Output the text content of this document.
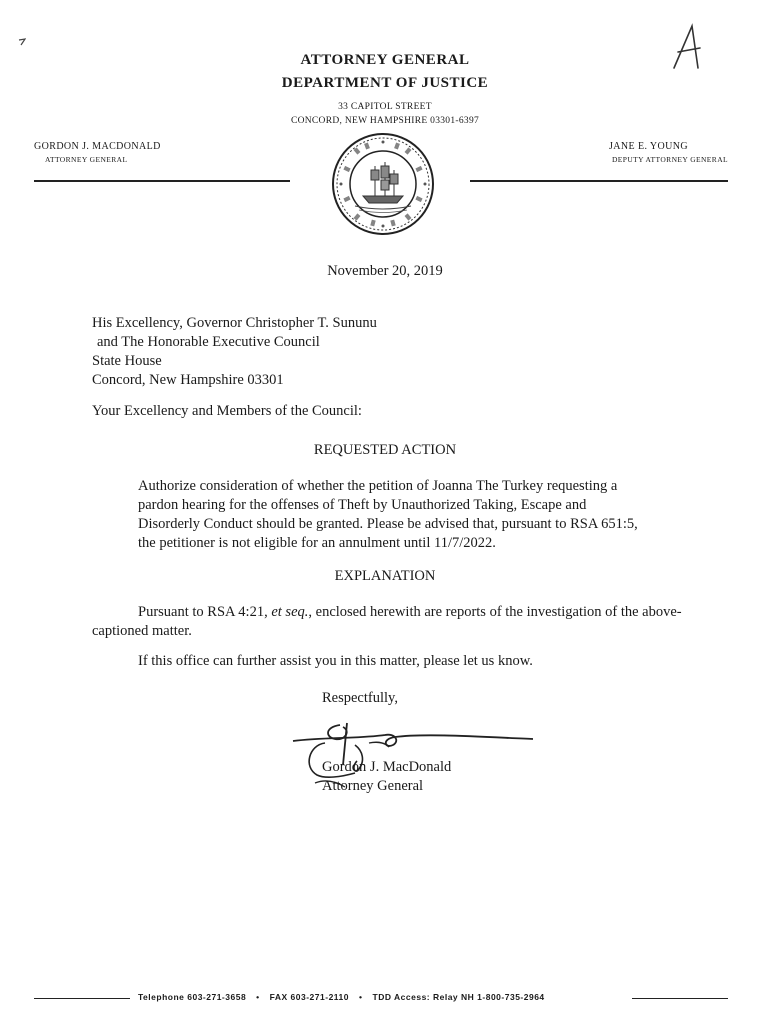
ATTORNEY GENERAL
DEPARTMENT OF JUSTICE
33 CAPITOL STREET
CONCORD, NEW HAMPSHIRE 03301-6397
GORDON J. MACDONALD
ATTORNEY GENERAL
JANE E. YOUNG
DEPUTY ATTORNEY GENERAL
November 20, 2019
His Excellency, Governor Christopher T. Sununu
and The Honorable Executive Council
State House
Concord, New Hampshire 03301
Your Excellency and Members of the Council:
REQUESTED ACTION
Authorize consideration of whether the petition of Joanna The Turkey requesting a pardon hearing for the offenses of Theft by Unauthorized Taking, Escape and Disorderly Conduct should be granted. Please be advised that, pursuant to RSA 651:5, the petitioner is not eligible for an annulment until 11/7/2022.
EXPLANATION
Pursuant to RSA 4:21, et seq., enclosed herewith are reports of the investigation of the above-captioned matter.
If this office can further assist you in this matter, please let us know.
Respectfully,
Gordon J. MacDonald
Attorney General
Telephone 603-271-3658 • FAX 603-271-2110 • TDD Access: Relay NH 1-800-735-2964
